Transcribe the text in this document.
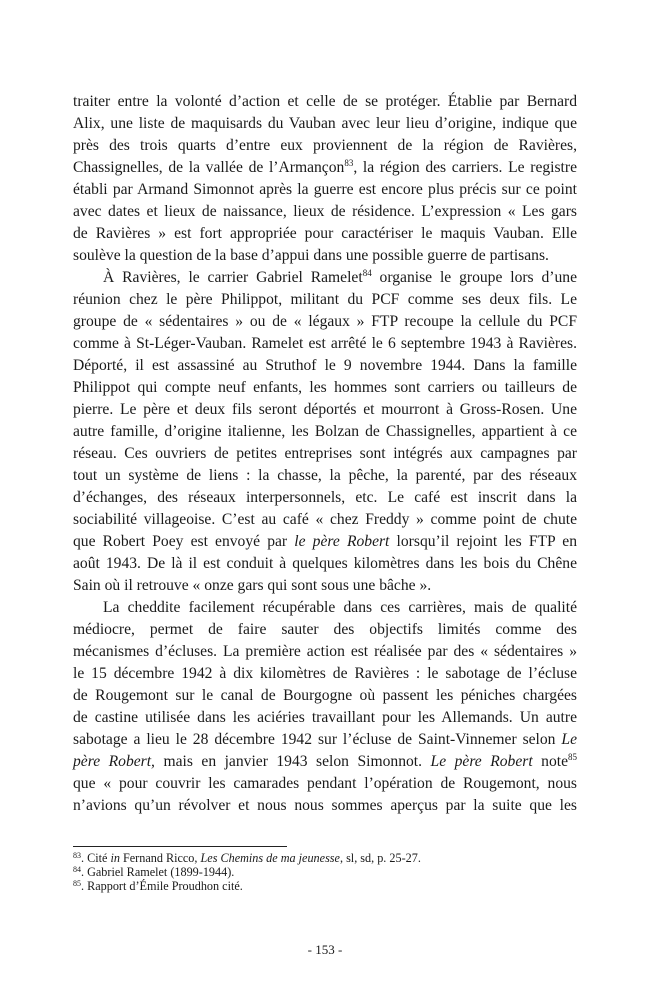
traiter entre la volonté d’action et celle de se protéger. Établie par Bernard
Alix, une liste de maquisards du Vauban avec leur lieu d’origine, indique que
près des trois quarts d’entre eux proviennent de la région de Ravières,
Chassignelles, de la vallée de l’Armançon$^{83}$, la région des carriers. Le registre
établi par Armand Simonnot après la guerre est encore plus précis sur ce point
avec dates et lieux de naissance, lieux de résidence. L’expression « Les gars
de Ravières » est fort appropriée pour caractériser le maquis Vauban. Elle
soulève la question de la base d’appui dans une possible guerre de partisans.
À Ravières, le carrier Gabriel Ramelet$^{84}$ organise le groupe lors d’une
réunion chez le père Philippot, militant du PCF comme ses deux fils. Le
groupe de « sédentaires » ou de « légaux » FTP recoupe la cellule du PCF
comme à St-Léger-Vauban. Ramelet est arrêté le 6 septembre 1943 à Ravières.
Déporté, il est assassiné au Struthof le 9 novembre 1944. Dans la famille
Philippot qui compte neuf enfants, les hommes sont carriers ou tailleurs de
pierre. Le père et deux fils seront déportés et mourront à Gross-Rosen. Une
autre famille, d’origine italienne, les Bolzan de Chassignelles, appartient à ce
réseau. Ces ouvriers de petites entreprises sont intégrés aux campagnes par
tout un système de liens : la chasse, la pêche, la parenté, par des réseaux
d’échanges, des réseaux interpersonnels, etc. Le café est inscrit dans la
sociabilité villageoise. C’est au café « chez Freddy » comme point de chute
que Robert Poey est envoyé par le père Robert lorsqu’il rejoint les FTP en
août 1943. De là il est conduit à quelques kilomètres dans les bois du Chêne
Sain où il retrouve « onze gars qui sont sous une bâche ».
La cheddite facilement récupérable dans ces carrières, mais de qualité
médiocre, permet de faire sauter des objectifs limités comme des
mécanismes d’écluses. La première action est réalisée par des « sédentaires »
le 15 décembre 1942 à dix kilomètres de Ravières : le sabotage de l’écluse
de Rougemont sur le canal de Bourgogne où passent les péniches chargées
de castine utilisée dans les aciéries travaillant pour les Allemands. Un autre
sabotage a lieu le 28 décembre 1942 sur l’écluse de Saint-Vinnemer selon Le
père Robert, mais en janvier 1943 selon Simonnot. Le père Robert note$^{85}$
que « pour couvrir les camarades pendant l’opération de Rougemont, nous
n’avions qu’un révolver et nous nous sommes aperçus par la suite que les
$^{83}$. Cité in Fernand Ricco, Les Chemins de ma jeunesse, sl, sd, p. 25-27.
$^{84}$. Gabriel Ramelet (1899-1944).
$^{85}$. Rapport d’Émile Proudhon cité.
- 153 -
